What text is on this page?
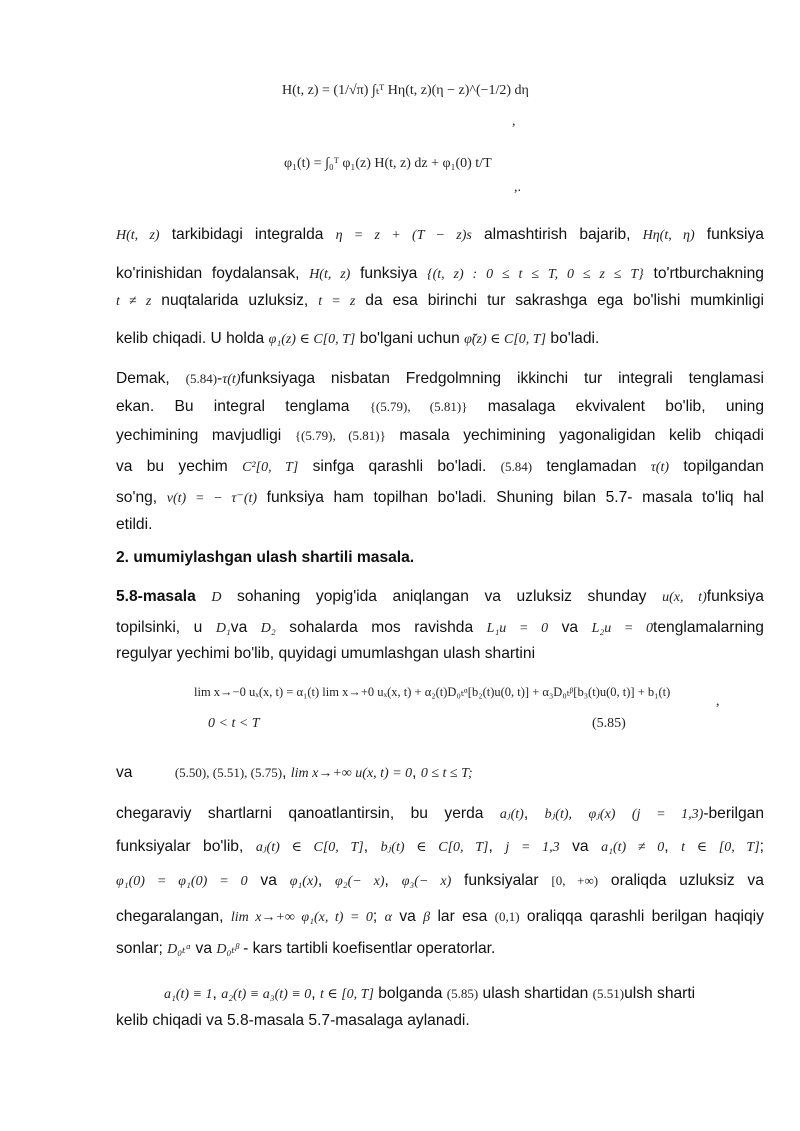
H(t, z) = (1/√π) ∫ₜᵀ Hη(t, z)(η − z)^(−1/2) dη
,
φ₁(t) = ∫₀ᵀ φ₁(z) H(t, z) dz + φ₁(0) t/T
,.
H(t, z) tarkibidagi integralda η = z + (T − z)s almashtirish bajarib, Hη(t, η) funksiya
ko'rinishidan foydalansak, H(t, z) funksiya {(t, z) : 0 ≤ t ≤ T, 0 ≤ z ≤ T} to'rtburchakning
t ≠ z nuqtalarida uzluksiz, t = z da esa birinchi tur sakrashga ega bo'lishi mumkinligi
kelib chiqadi. U holda φ₁(z) ∈ C[0, T] bo'lgani uchun φ̃(z) ∈ C[0, T] bo'ladi.
Demak, (5.84)-τ(t)funksiyaga nisbatan Fredgolmning ikkinchi tur integrali tenglamasi
ekan. Bu integral tenglama {(5.79), (5.81)} masalaga ekvivalent bo'lib, uning
yechimining mavjudligi {(5.79), (5.81)} masala yechimining yagonaligidan kelib chiqadi
va bu yechim C²[0, T] sinfga qarashli bo'ladi. (5.84) tenglamadan τ(t) topilgandan
so'ng, v(t) = − τ⁻(t) funksiya ham topilhan bo'ladi. Shuning bilan 5.7- masala to'liq hal
etildi.
2. umumiylashgan ulash shartili masala.
5.8-masala D sohaning yopig'ida aniqlangan va uzluksiz shunday u(x, t)funksiya
topilsinki, u D₁va D₂ sohalarda mos ravishda L₁u = 0 va L₂u = 0tenglamalarning
regulyar yechimi bo'lib, quyidagi umumlashgan ulash shartini
lim x→−0 uₓ(x, t) = α₁(t) lim x→+0 uₓ(x, t) + α₂(t)D₀ₜᵅ[b₂(t)u(0, t)] + α₃D₀ₜᵝ[b₃(t)u(0, t)] + b₁(t)
,
0 < t < T	(5.85)
va	(5.50), (5.51), (5.75), lim x→+∞ u(x, t) = 0, 0 ≤ t ≤ T;
chegaraviy shartlarni qanoatlantirsin, bu yerda aⱼ(t), bⱼ(t), φⱼ(x) (j = 1,3)-berilgan
funksiyalar bo'lib, aⱼ(t) ∈ C[0, T], bⱼ(t) ∈ C[0, T], j = 1,3 va a₁(t) ≠ 0, t ∈ [0, T];
φ₁(0) = φ₁(0) = 0 va φ₁(x), φ₂(− x), φ₃(− x) funksiyalar [0, +∞) oraliqda uzluksiz va
chegaralangan, lim x→+∞ φ₁(x, t) = 0; α va β lar esa (0,1) oraliqqa qarashli berilgan haqiqiy
sonlar; D₀ₜᵅ va D₀ₜᵝ - kars tartibli koefisentlar operatorlar.
a₁(t) ≡ 1, a₂(t) ≡ a₃(t) ≡ 0, t ∈ [0, T] bolganda (5.85) ulash shartidan (5.51)ulsh sharti
kelib chiqadi va 5.8-masala 5.7-masalaga aylanadi.
